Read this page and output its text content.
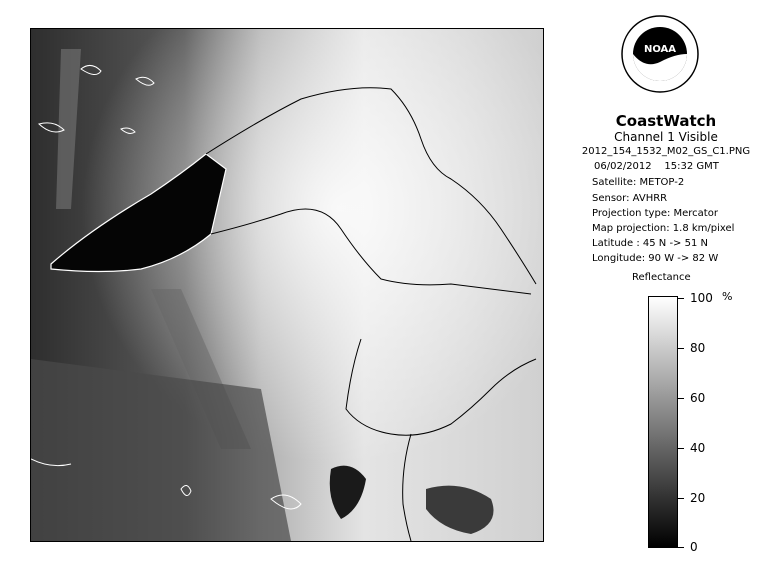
NOAA
CoastWatch
Channel 1 Visible
2012_154_1532_M02_GS_C1.PNG
06/02/2012 15:32 GMT
Satellite: METOP-2
Sensor: AVHRR
Projection type: Mercator
Map projection: 1.8 km/pixel
Latitude : 45 N -> 51 N
Longitude: 90 W -> 82 W
Reflectance
%
100
80
60
40
20
0
